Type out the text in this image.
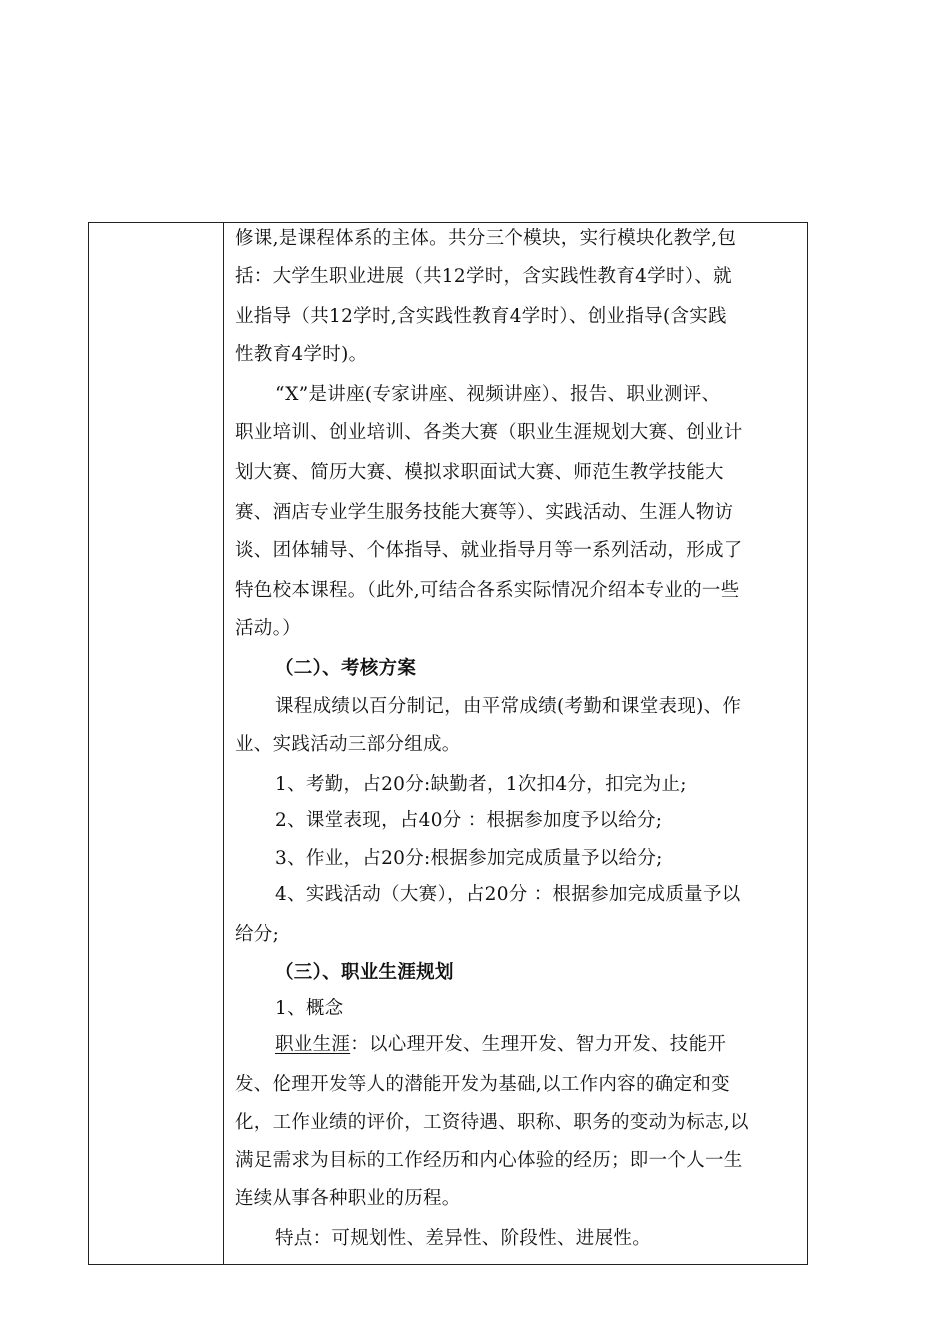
修课,是课程体系的主体。共分三个模块，实行模块化教学,包
括：大学生职业进展（共12学时，含实践性教育4学时）、就
业指导（共12学时,含实践性教育4学时）、创业指导(含实践
性教育4学时)。
“X”是讲座(专家讲座、视频讲座）、报告、职业测评、
职业培训、创业培训、各类大赛（职业生涯规划大赛、创业计
划大赛、简历大赛、模拟求职面试大赛、师范生教学技能大
赛、酒店专业学生服务技能大赛等）、实践活动、生涯人物访
谈、团体辅导、个体指导、就业指导月等一系列活动，形成了
特色校本课程。（此外,可结合各系实际情况介绍本专业的一些
活动。）
（二）、考核方案
课程成绩以百分制记，由平常成绩(考勤和课堂表现)、作
业、实践活动三部分组成。
1、考勤，占20分:缺勤者，1次扣4分，扣完为止;
2、课堂表现，占40分 ：根据参加度予以给分;
3、作业，占20分:根据参加完成质量予以给分;
4、实践活动（大赛），占20分 ：根据参加完成质量予以
给分;
（三）、职业生涯规划
1、概念
职业生涯：以心理开发、生理开发、智力开发、技能开
发、伦理开发等人的潜能开发为基础,以工作内容的确定和变
化，工作业绩的评价，工资待遇、职称、职务的变动为标志,以
满足需求为目标的工作经历和内心体验的经历；即一个人一生
连续从事各种职业的历程。
特点：可规划性、差异性、阶段性、进展性。
